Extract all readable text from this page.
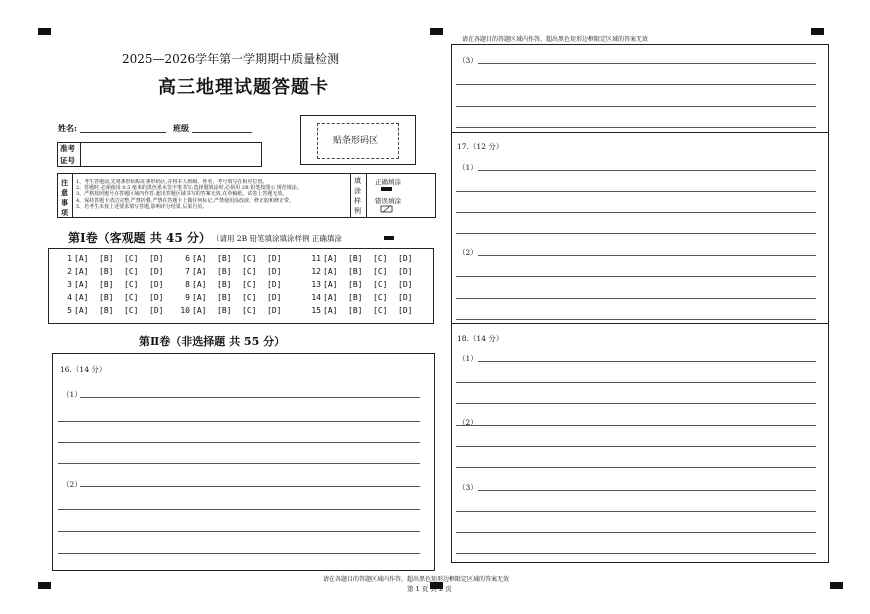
2025—2026学年第一学期期中质量检测
高三地理试题答题卡
姓名:	班级
准考
证号
贴条形码区
注
意
事
项
1、考生答题前,先将条形码贴在条形码区,并将本人班级、姓名、考号填写在相应位置。
2、答题时,必须使用 0.5 毫米的黑色墨水签字笔书写;选择题填涂时,必须用 2B 铅笔按图示 规范填涂。
3、严格按照题号在答题区域内作答,超出答题区域书写的答案无效,在草稿纸、试卷上答题无效。
4、保持答题卡清洁完整,严禁折叠,严禁在答题卡上做任何标记,严禁使用涂改液、修正胶和修正带。
5、若考生未按上述要求填写答题,影响评分结果,后果自负。
填
涂
样
例
正确填涂
错误填涂
第Ⅰ卷（客观题 共 45 分） （请用 2B 铅笔填涂填涂样例 正确填涂
1 [A] [B] [C] [D]
2 [A] [B] [C] [D]
3 [A] [B] [C] [D]
4 [A] [B] [C] [D]
5 [A] [B] [C] [D]
6 [A] [B] [C] [D]
7 [A] [B] [C] [D]
8 [A] [B] [C] [D]
9 [A] [B] [C] [D]
10 [A] [B] [C] [D]
11 [A] [B] [C] [D]
12 [A] [B] [C] [D]
13 [A] [B] [C] [D]
14 [A] [B] [C] [D]
15 [A] [B] [C] [D]
第Ⅱ卷（非选择题 共 55 分）
16.（14 分）
（1）
（2）
请在各题目的答题区域内作答，超出黑色矩形边框限定区域的答案无效
（3）
17.（12 分）
（1）
（2）
18.（14 分）
（1）
（2）
（3）
请在各题目的答题区域内作答，超出黑色矩形边框限定区域的答案无效
第 1 页 共 2 页
